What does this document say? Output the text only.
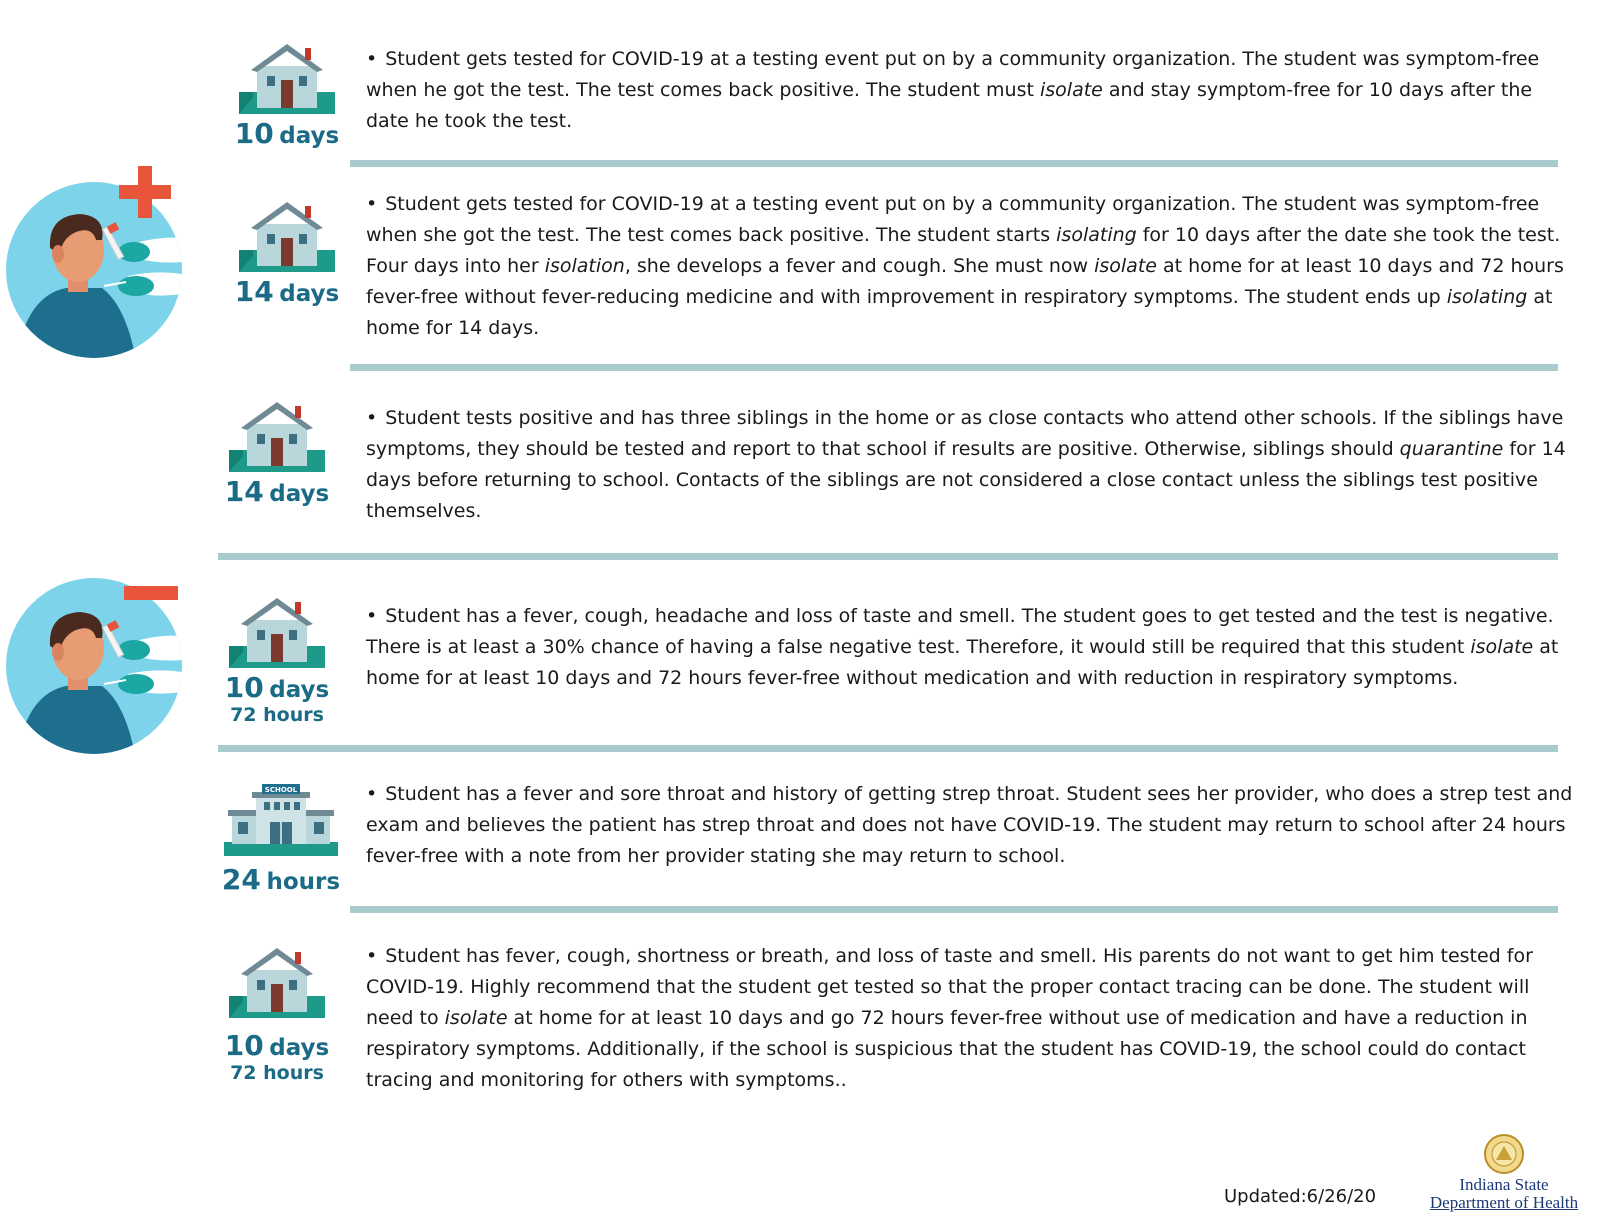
10 days
• Student gets tested for COVID-19 at a testing event put on by a community organization. The student was symptom-free when he got the test. The test comes back positive. The student must isolate and stay symptom-free for 10 days after the date he took the test.
14 days
• Student gets tested for COVID-19 at a testing event put on by a community organization. The student was symptom-free when she got the test. The test comes back positive. The student starts isolating for 10 days after the date she took the test. Four days into her isolation, she develops a fever and cough. She must now isolate at home for at least 10 days and 72 hours fever-free without fever-reducing medicine and with improvement in respiratory symptoms. The student ends up isolating at home for 14 days.
14 days
• Student tests positive and has three siblings in the home or as close contacts who attend other schools. If the siblings have symptoms, they should be tested and report to that school if results are positive. Otherwise, siblings should quarantine for 14 days before returning to school. Contacts of the siblings are not considered a close contact unless the siblings test positive themselves.
10 days
72 hours
• Student has a fever, cough, headache and loss of taste and smell. The student goes to get tested and the test is negative. There is at least a 30% chance of having a false negative test. Therefore, it would still be required that this student isolate at home for at least 10 days and 72 hours fever-free without medication and with reduction in respiratory symptoms.
SCHOOL
24 hours
• Student has a fever and sore throat and history of getting strep throat. Student sees her provider, who does a strep test and exam and believes the patient has strep throat and does not have COVID-19. The student may return to school after 24 hours fever-free with a note from her provider stating she may return to school.
10 days
72 hours
• Student has fever, cough, shortness or breath, and loss of taste and smell. His parents do not want to get him tested for COVID-19. Highly recommend that the student get tested so that the proper contact tracing can be done. The student will need to isolate at home for at least 10 days and go 72 hours fever-free without use of medication and have a reduction in respiratory symptoms. Additionally, if the school is suspicious that the student has COVID-19, the school could do contact tracing and monitoring for others with symptoms..
Updated:6/26/20
Indiana State
Department of Health
